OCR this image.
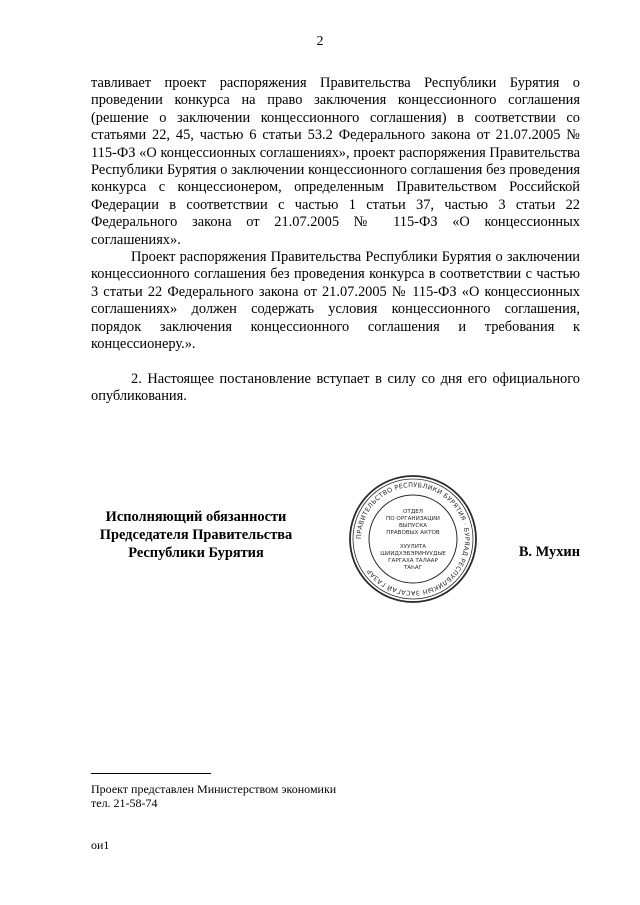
2

тавливает проект распоряжения Правительства Республики Бурятия о проведении конкурса на право заключения концессионного соглашения (решение о заключении концессионного соглашения) в соответствии со статьями 22, 45, частью 6 статьи 53.2 Федерального закона от 21.07.2005 № 115-ФЗ «О концессионных соглашениях», проект распоряжения Правительства Республики Бурятия о заключении концессионного соглашения без проведения конкурса с концессионером, определенным Правительством Российской Федерации в соответствии с частью 1 статьи 37, частью 3 статьи 22 Федерального закона от 21.07.2005 № 115-ФЗ «О концессионных соглашениях».

Проект распоряжения Правительства Республики Бурятия о заключении концессионного соглашения без проведения конкурса в соответствии с частью 3 статьи 22 Федерального закона от 21.07.2005 № 115-ФЗ «О концессионных соглашениях» должен содержать условия концессионного соглашения, порядок заключения концессионного соглашения и требования к концессионеру.».

2. Настоящее постановление вступает в силу со дня его официального опубликования.

Исполняющий обязанности
Председателя Правительства
Республики Бурятия
ПРАВИТЕЛЬСТВО РЕСПУБЛИКИ БУРЯТИЯ · БУРЯАД РЕСПУБЛИКЫН ЗАСАГАЙ ГАЗАР
ОТДЕЛ
ПО ОРГАНИЗАЦИИ
ВЫПУСКА
ПРАВОВЫХ АКТОВ
ХУУЛИТА
ШИИДХЭБЭРИНУУДЫЕ
ГАРГАХА ТАЛААР
ТАҺАГ
В. Мухин
Проект представлен Министерством экономики
тел. 21-58-74
ои1
